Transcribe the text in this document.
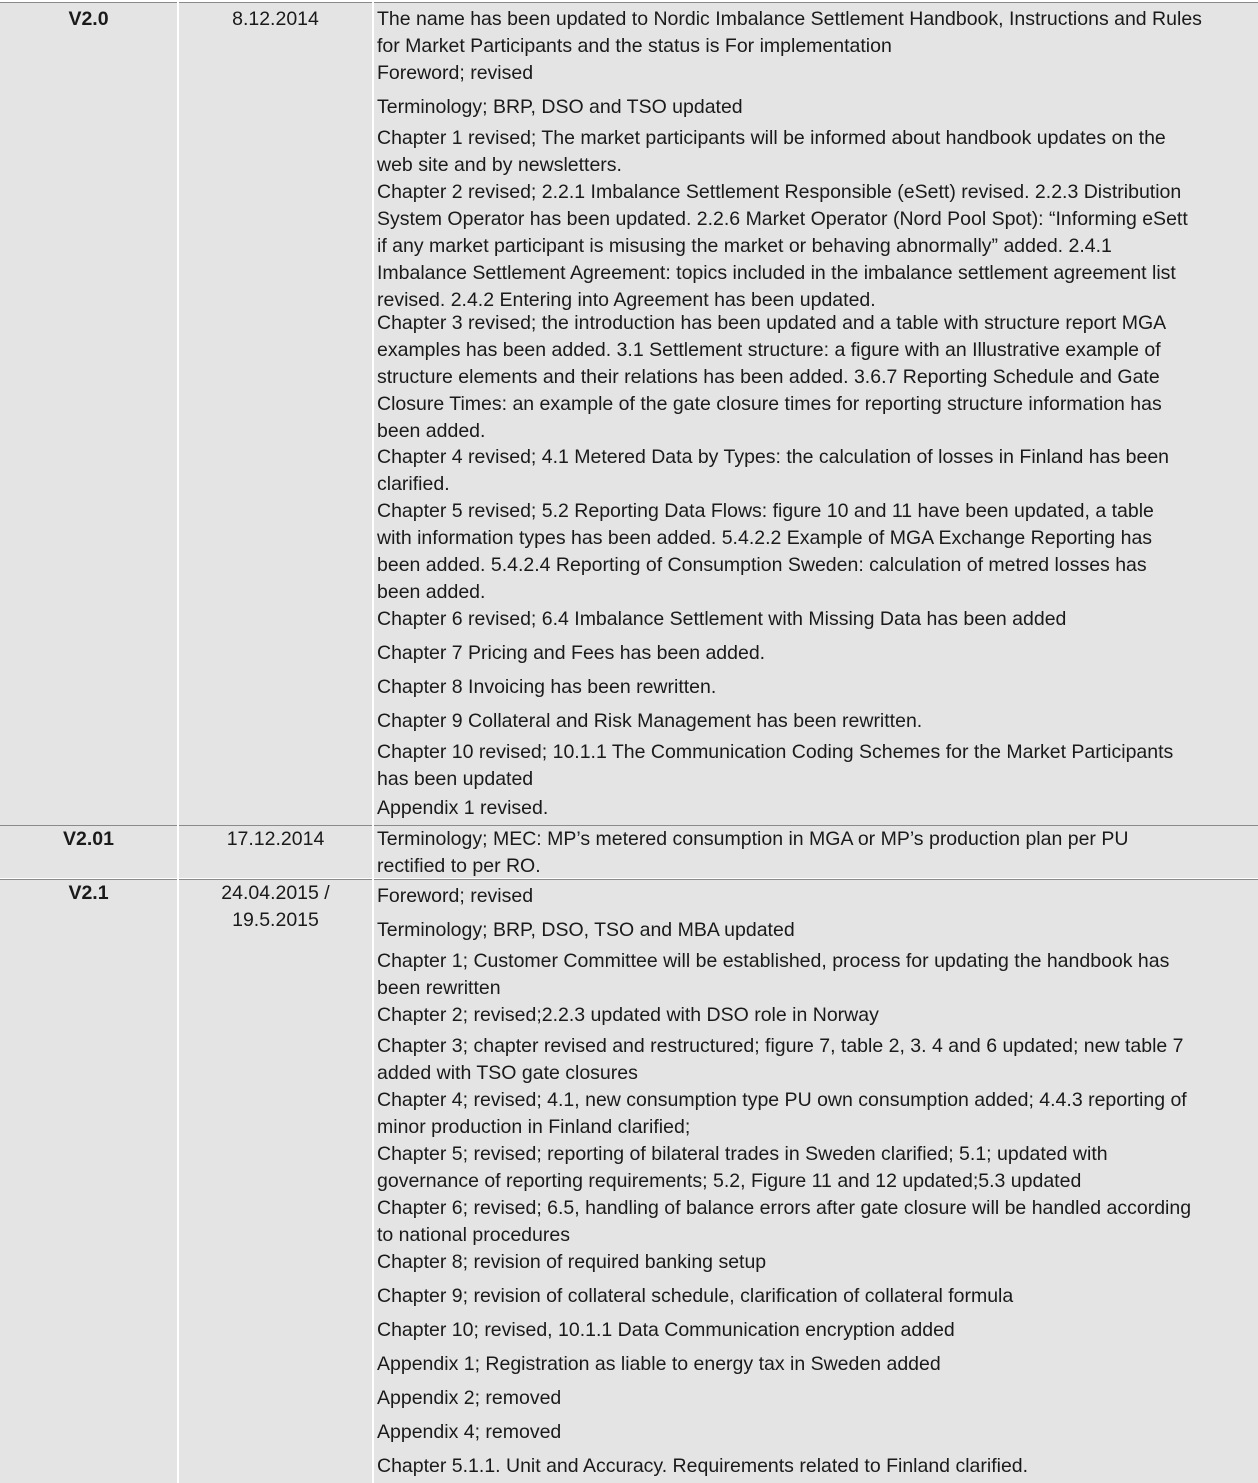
V2.0	8.12.2014	The name has been updated to Nordic Imbalance Settlement Handbook, Instructions and Rules
for Market Participants and the status is For implementation
Foreword; revised
Terminology; BRP, DSO and TSO updated
Chapter 1 revised; The market participants will be informed about handbook updates on the
web site and by newsletters.
Chapter 2 revised; 2.2.1 Imbalance Settlement Responsible (eSett) revised. 2.2.3 Distribution
System Operator has been updated. 2.2.6 Market Operator (Nord Pool Spot): “Informing eSett
if any market participant is misusing the market or behaving abnormally” added. 2.4.1
Imbalance Settlement Agreement: topics included in the imbalance settlement agreement list
revised. 2.4.2 Entering into Agreement has been updated.
Chapter 3 revised; the introduction has been updated and a table with structure report MGA
examples has been added. 3.1 Settlement structure: a figure with an Illustrative example of
structure elements and their relations has been added. 3.6.7 Reporting Schedule and Gate
Closure Times: an example of the gate closure times for reporting structure information has
been added.
Chapter 4 revised; 4.1 Metered Data by Types: the calculation of losses in Finland has been
clarified.
Chapter 5 revised; 5.2 Reporting Data Flows: figure 10 and 11 have been updated, a table
with information types has been added. 5.4.2.2 Example of MGA Exchange Reporting has
been added. 5.4.2.4 Reporting of Consumption Sweden: calculation of metred losses has
been added.
Chapter 6 revised; 6.4 Imbalance Settlement with Missing Data has been added
Chapter 7 Pricing and Fees has been added.
Chapter 8 Invoicing has been rewritten.
Chapter 9 Collateral and Risk Management has been rewritten.
Chapter 10 revised; 10.1.1 The Communication Coding Schemes for the Market Participants
has been updated
Appendix 1 revised.
V2.01	17.12.2014	Terminology; MEC: MP’s metered consumption in MGA or MP’s production plan per PU
rectified to per RO.
V2.1	24.04.2015 /
19.5.2015
Foreword; revised
Terminology; BRP, DSO, TSO and MBA updated
Chapter 1; Customer Committee will be established, process for updating the handbook has
been rewritten
Chapter 2; revised;2.2.3 updated with DSO role in Norway
Chapter 3; chapter revised and restructured; figure 7, table 2, 3. 4 and 6 updated; new table 7
added with TSO gate closures
Chapter 4; revised; 4.1, new consumption type PU own consumption added; 4.4.3 reporting of
minor production in Finland clarified;
Chapter 5; revised; reporting of bilateral trades in Sweden clarified; 5.1; updated with
governance of reporting requirements; 5.2, Figure 11 and 12 updated;5.3 updated
Chapter 6; revised; 6.5, handling of balance errors after gate closure will be handled according
to national procedures
Chapter 8; revision of required banking setup
Chapter 9; revision of collateral schedule, clarification of collateral formula
Chapter 10; revised, 10.1.1 Data Communication encryption added
Appendix 1; Registration as liable to energy tax in Sweden added
Appendix 2; removed
Appendix 4; removed
Chapter 5.1.1. Unit and Accuracy. Requirements related to Finland clarified.
